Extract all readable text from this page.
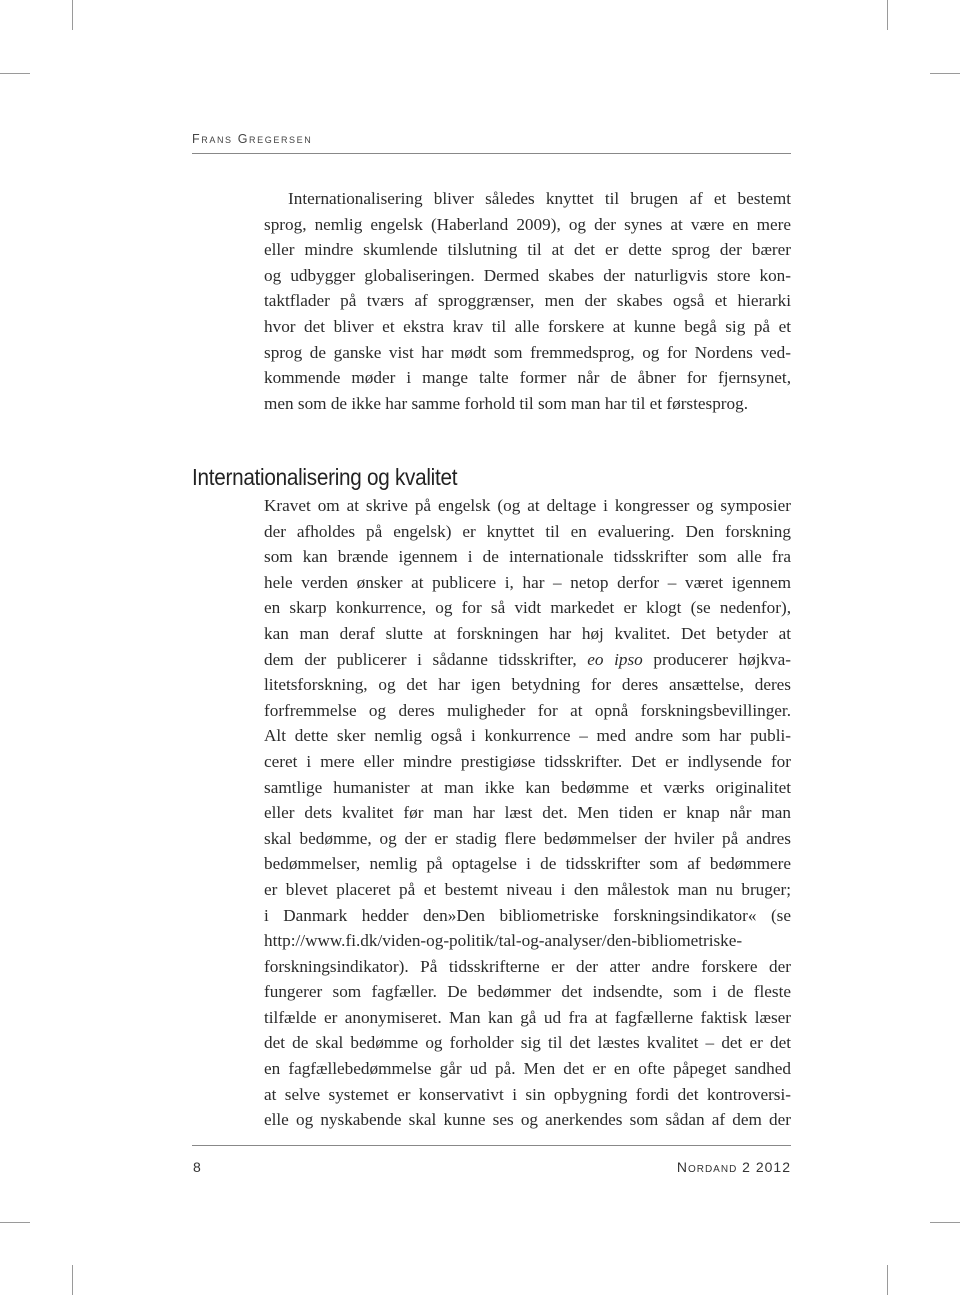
Frans Gregersen

Internationalisering bliver således knyttet til brugen af et bestemt
sprog, nemlig engelsk (Haberland 2009), og der synes at være en mere
eller mindre skumlende tilslutning til at det er dette sprog der bærer
og udbygger globaliseringen. Dermed skabes der naturligvis store kon-
taktflader på tværs af sproggrænser, men der skabes også et hierarki
hvor det bliver et ekstra krav til alle forskere at kunne begå sig på et
sprog de ganske vist har mødt som fremmedsprog, og for Nordens ved-
kommende møder i mange talte former når de åbner for fjernsynet,
men som de ikke har samme forhold til som man har til et førstesprog.

Internationalisering og kvalitet

Kravet om at skrive på engelsk (og at deltage i kongresser og symposier
der afholdes på engelsk) er knyttet til en evaluering. Den forskning
som kan brænde igennem i de internationale tidsskrifter som alle fra
hele verden ønsker at publicere i, har – netop derfor – været igennem
en skarp konkurrence, og for så vidt markedet er klogt (se nedenfor),
kan man deraf slutte at forskningen har høj kvalitet. Det betyder at
dem der publicerer i sådanne tidsskrifter, eo ipso producerer højkva-
litetsforskning, og det har igen betydning for deres ansættelse, deres
forfremmelse og deres muligheder for at opnå forskningsbevillinger.
Alt dette sker nemlig også i konkurrence – med andre som har publi-
ceret i mere eller mindre prestigiøse tidsskrifter. Det er indlysende for
samtlige humanister at man ikke kan bedømme et værks originalitet
eller dets kvalitet før man har læst det. Men tiden er knap når man
skal bedømme, og der er stadig flere bedømmelser der hviler på andres
bedømmelser, nemlig på optagelse i de tidsskrifter som af bedømmere
er blevet placeret på et bestemt niveau i den målestok man nu bruger;
i Danmark hedder den»Den bibliometriske forskningsindikator« (se
http://www.fi.dk/viden-og-politik/tal-og-analyser/den-bibliometriske-
forskningsindikator). På tidsskrifterne er der atter andre forskere der
fungerer som fagfæller. De bedømmer det indsendte, som i de fleste
tilfælde er anonymiseret. Man kan gå ud fra at fagfællerne faktisk læser
det de skal bedømme og forholder sig til det læstes kvalitet – det er det
en fagfællebedømmelse går ud på. Men det er en ofte påpeget sandhed
at selve systemet er konservativt i sin opbygning fordi det kontroversi-
elle og nyskabende skal kunne ses og anerkendes som sådan af dem der

8	Nordand 2 2012
